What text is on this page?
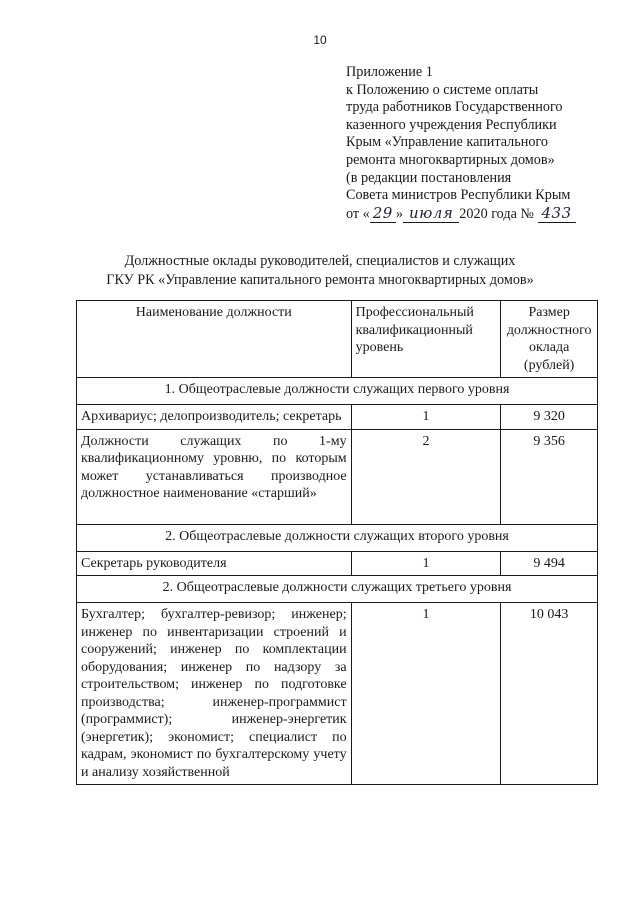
10
Приложение 1
к Положению о системе оплаты
труда работников Государственного
казенного учреждения Республики
Крым «Управление капитального
ремонта многоквартирных домов»
(в редакции постановления
Совета министров Республики Крым
от « 29 » июля 2020 года № 433
Должностные оклады руководителей, специалистов и служащих
ГКУ РК «Управление капитального ремонта многоквартирных домов»
Наименование должности	Профессиональный квалификационный уровень	Размер должностного оклада (рублей)
1. Общеотраслевые должности служащих первого уровня		
Архивариус; делопроизводитель; секретарь	1	9 320
Должности служащих по 1-му квалификационному уровню, по которым может устанавливаться производное должностное наименование «старший»	2	9 356
2. Общеотраслевые должности служащих второго уровня		
Секретарь руководителя	1	9 494
2. Общеотраслевые должности служащих третьего уровня		
Бухгалтер; бухгалтер-ревизор; инженер; инженер по инвентаризации строений и сооружений; инженер по комплектации оборудования; инженер по надзору за строительством; инженер по подготовке производства; инженер-программист (программист); инженер-энергетик (энергетик); экономист; специалист по кадрам, экономист по бухгалтерскому учету и анализу хозяйственной	1	10 043
